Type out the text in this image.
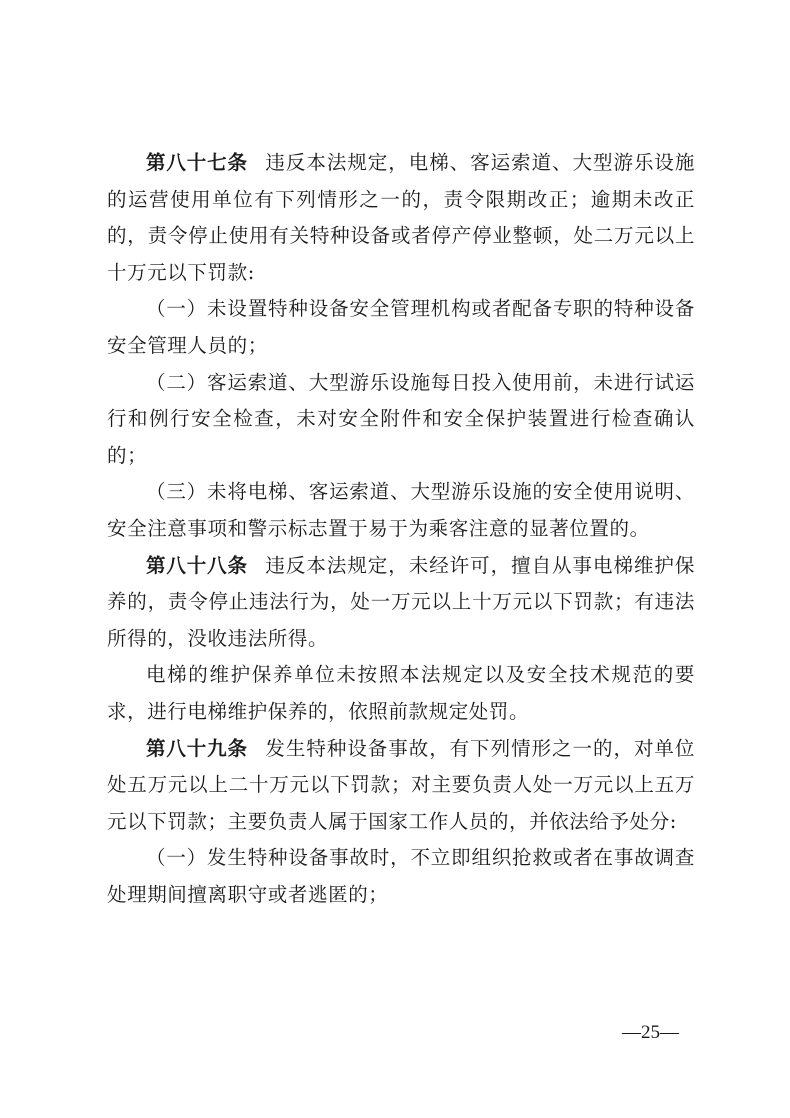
第八十七条 违反本法规定，电梯、客运索道、大型游乐设施的运营使用单位有下列情形之一的，责令限期改正；逾期未改正的，责令停止使用有关特种设备或者停产停业整顿，处二万元以上十万元以下罚款:

（一）未设置特种设备安全管理机构或者配备专职的特种设备安全管理人员的；

（二）客运索道、大型游乐设施每日投入使用前，未进行试运行和例行安全检查，未对安全附件和安全保护装置进行检查确认的；

（三）未将电梯、客运索道、大型游乐设施的安全使用说明、安全注意事项和警示标志置于易于为乘客注意的显著位置的。

第八十八条 违反本法规定，未经许可，擅自从事电梯维护保养的，责令停止违法行为，处一万元以上十万元以下罚款；有违法所得的，没收违法所得。

电梯的维护保养单位未按照本法规定以及安全技术规范的要求，进行电梯维护保养的，依照前款规定处罚。

第八十九条 发生特种设备事故，有下列情形之一的，对单位处五万元以上二十万元以下罚款；对主要负责人处一万元以上五万元以下罚款；主要负责人属于国家工作人员的，并依法给予处分:

（一）发生特种设备事故时，不立即组织抢救或者在事故调查处理期间擅离职守或者逃匿的；

—25—
